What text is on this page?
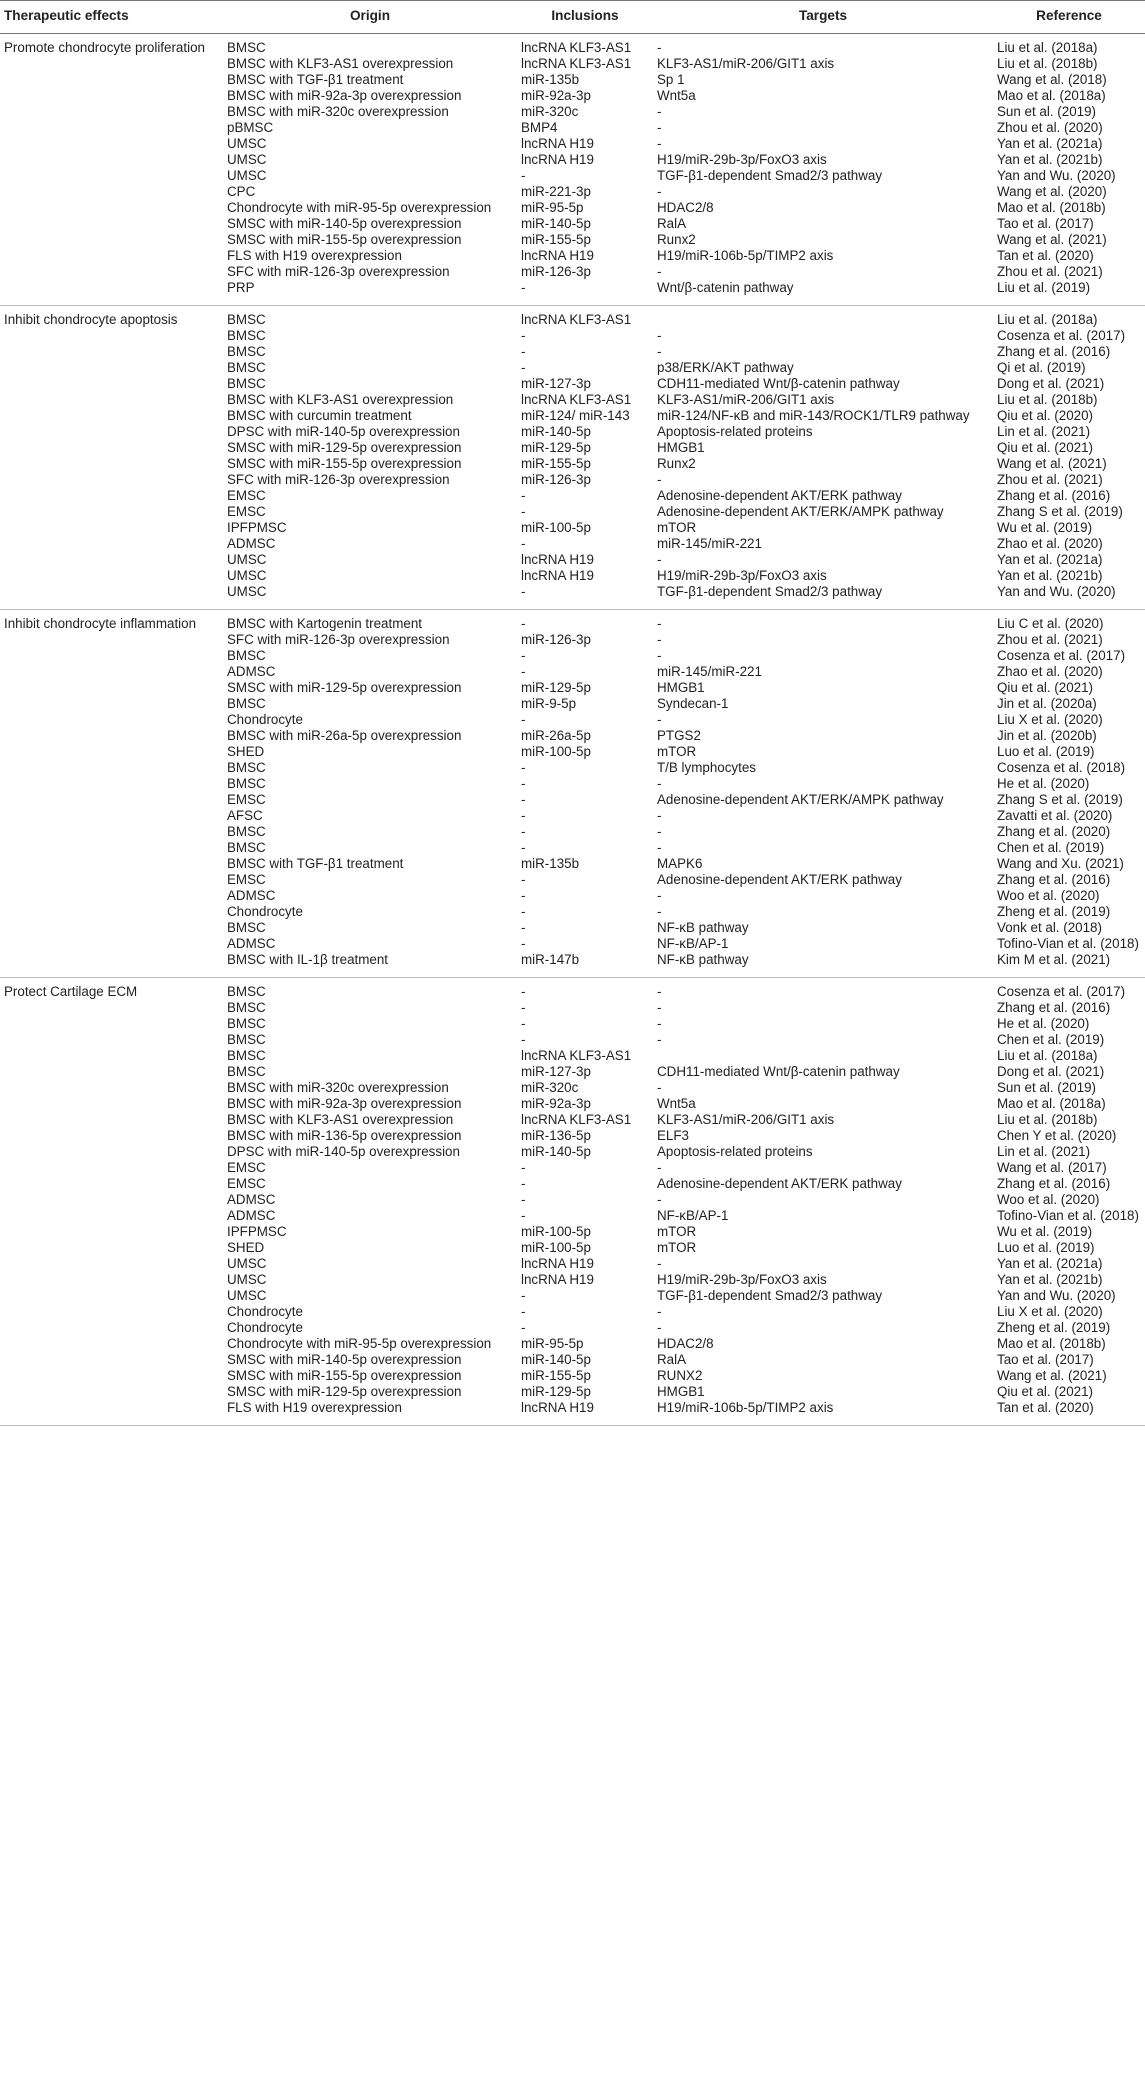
Therapeutic effects	Origin	Inclusions	Targets	Reference
Promote chondrocyte proliferation	BMSC	lncRNA KLF3-AS1	-	Liu et al. (2018a)
	BMSC with KLF3-AS1 overexpression	lncRNA KLF3-AS1	KLF3-AS1/miR-206/GIT1 axis	Liu et al. (2018b)
	BMSC with TGF-β1 treatment	miR-135b	Sp 1	Wang et al. (2018)
	BMSC with miR-92a-3p overexpression	miR-92a-3p	Wnt5a	Mao et al. (2018a)
	BMSC with miR-320c overexpression	miR-320c	-	Sun et al. (2019)
	pBMSC	BMP4	-	Zhou et al. (2020)
	UMSC	lncRNA H19	-	Yan et al. (2021a)
	UMSC	lncRNA H19	H19/miR-29b-3p/FoxO3 axis	Yan et al. (2021b)
	UMSC	-	TGF-β1-dependent Smad2/3 pathway	Yan and Wu. (2020)
	CPC	miR-221-3p	-	Wang et al. (2020)
	Chondrocyte with miR-95-5p overexpression	miR-95-5p	HDAC2/8	Mao et al. (2018b)
	SMSC with miR-140-5p overexpression	miR-140-5p	RalA	Tao et al. (2017)
	SMSC with miR-155-5p overexpression	miR-155-5p	Runx2	Wang et al. (2021)
	FLS with H19 overexpression	lncRNA H19	H19/miR-106b-5p/TIMP2 axis	Tan et al. (2020)
	SFC with miR-126-3p overexpression	miR-126-3p	-	Zhou et al. (2021)
	PRP	-	Wnt/β-catenin pathway	Liu et al. (2019)
Inhibit chondrocyte apoptosis	BMSC	lncRNA KLF3-AS1		Liu et al. (2018a)
	BMSC	-	-	Cosenza et al. (2017)
	BMSC	-	-	Zhang et al. (2016)
	BMSC	-	p38/ERK/AKT pathway	Qi et al. (2019)
	BMSC	miR-127-3p	CDH11-mediated Wnt/β-catenin pathway	Dong et al. (2021)
	BMSC with KLF3-AS1 overexpression	lncRNA KLF3-AS1	KLF3-AS1/miR-206/GIT1 axis	Liu et al. (2018b)
	BMSC with curcumin treatment	miR-124/ miR-143	miR-124/NF-κB and miR-143/ROCK1/TLR9 pathway	Qiu et al. (2020)
	DPSC with miR-140-5p overexpression	miR-140-5p	Apoptosis-related proteins	Lin et al. (2021)
	SMSC with miR-129-5p overexpression	miR-129-5p	HMGB1	Qiu et al. (2021)
	SMSC with miR-155-5p overexpression	miR-155-5p	Runx2	Wang et al. (2021)
	SFC with miR-126-3p overexpression	miR-126-3p	-	Zhou et al. (2021)
	EMSC	-	Adenosine-dependent AKT/ERK pathway	Zhang et al. (2016)
	EMSC	-	Adenosine-dependent AKT/ERK/AMPK pathway	Zhang S et al. (2019)
	IPFPMSC	miR-100-5p	mTOR	Wu et al. (2019)
	ADMSC	-	miR-145/miR-221	Zhao et al. (2020)
	UMSC	lncRNA H19	-	Yan et al. (2021a)
	UMSC	lncRNA H19	H19/miR-29b-3p/FoxO3 axis	Yan et al. (2021b)
	UMSC	-	TGF-β1-dependent Smad2/3 pathway	Yan and Wu. (2020)
Inhibit chondrocyte inflammation	BMSC with Kartogenin treatment	-	-	Liu C et al. (2020)
	SFC with miR-126-3p overexpression	miR-126-3p	-	Zhou et al. (2021)
	BMSC	-	-	Cosenza et al. (2017)
	ADMSC	-	miR-145/miR-221	Zhao et al. (2020)
	SMSC with miR-129-5p overexpression	miR-129-5p	HMGB1	Qiu et al. (2021)
	BMSC	miR-9-5p	Syndecan-1	Jin et al. (2020a)
	Chondrocyte	-	-	Liu X et al. (2020)
	BMSC with miR-26a-5p overexpression	miR-26a-5p	PTGS2	Jin et al. (2020b)
	SHED	miR-100-5p	mTOR	Luo et al. (2019)
	BMSC	-	T/B lymphocytes	Cosenza et al. (2018)
	BMSC	-	-	He et al. (2020)
	EMSC	-	Adenosine-dependent AKT/ERK/AMPK pathway	Zhang S et al. (2019)
	AFSC	-	-	Zavatti et al. (2020)
	BMSC	-	-	Zhang et al. (2020)
	BMSC	-	-	Chen et al. (2019)
	BMSC with TGF-β1 treatment	miR-135b	MAPK6	Wang and Xu. (2021)
	EMSC	-	Adenosine-dependent AKT/ERK pathway	Zhang et al. (2016)
	ADMSC	-	-	Woo et al. (2020)
	Chondrocyte	-	-	Zheng et al. (2019)
	BMSC	-	NF-κB pathway	Vonk et al. (2018)
	ADMSC	-	NF-κB/AP-1	Tofino-Vian et al. (2018)
	BMSC with IL-1β treatment	miR-147b	NF-κB pathway	Kim M et al. (2021)
Protect Cartilage ECM	BMSC	-	-	Cosenza et al. (2017)
	BMSC	-	-	Zhang et al. (2016)
	BMSC	-	-	He et al. (2020)
	BMSC	-	-	Chen et al. (2019)
	BMSC	lncRNA KLF3-AS1		Liu et al. (2018a)
	BMSC	miR-127-3p	CDH11-mediated Wnt/β-catenin pathway	Dong et al. (2021)
	BMSC with miR-320c overexpression	miR-320c	-	Sun et al. (2019)
	BMSC with miR-92a-3p overexpression	miR-92a-3p	Wnt5a	Mao et al. (2018a)
	BMSC with KLF3-AS1 overexpression	lncRNA KLF3-AS1	KLF3-AS1/miR-206/GIT1 axis	Liu et al. (2018b)
	BMSC with miR-136-5p overexpression	miR-136-5p	ELF3	Chen Y et al. (2020)
	DPSC with miR-140-5p overexpression	miR-140-5p	Apoptosis-related proteins	Lin et al. (2021)
	EMSC	-	-	Wang et al. (2017)
	EMSC	-	Adenosine-dependent AKT/ERK pathway	Zhang et al. (2016)
	ADMSC	-	-	Woo et al. (2020)
	ADMSC	-	NF-κB/AP-1	Tofino-Vian et al. (2018)
	IPFPMSC	miR-100-5p	mTOR	Wu et al. (2019)
	SHED	miR-100-5p	mTOR	Luo et al. (2019)
	UMSC	lncRNA H19	-	Yan et al. (2021a)
	UMSC	lncRNA H19	H19/miR-29b-3p/FoxO3 axis	Yan et al. (2021b)
	UMSC	-	TGF-β1-dependent Smad2/3 pathway	Yan and Wu. (2020)
	Chondrocyte	-	-	Liu X et al. (2020)
	Chondrocyte	-	-	Zheng et al. (2019)
	Chondrocyte with miR-95-5p overexpression	miR-95-5p	HDAC2/8	Mao et al. (2018b)
	SMSC with miR-140-5p overexpression	miR-140-5p	RalA	Tao et al. (2017)
	SMSC with miR-155-5p overexpression	miR-155-5p	RUNX2	Wang et al. (2021)
	SMSC with miR-129-5p overexpression	miR-129-5p	HMGB1	Qiu et al. (2021)
	FLS with H19 overexpression	lncRNA H19	H19/miR-106b-5p/TIMP2 axis	Tan et al. (2020)
